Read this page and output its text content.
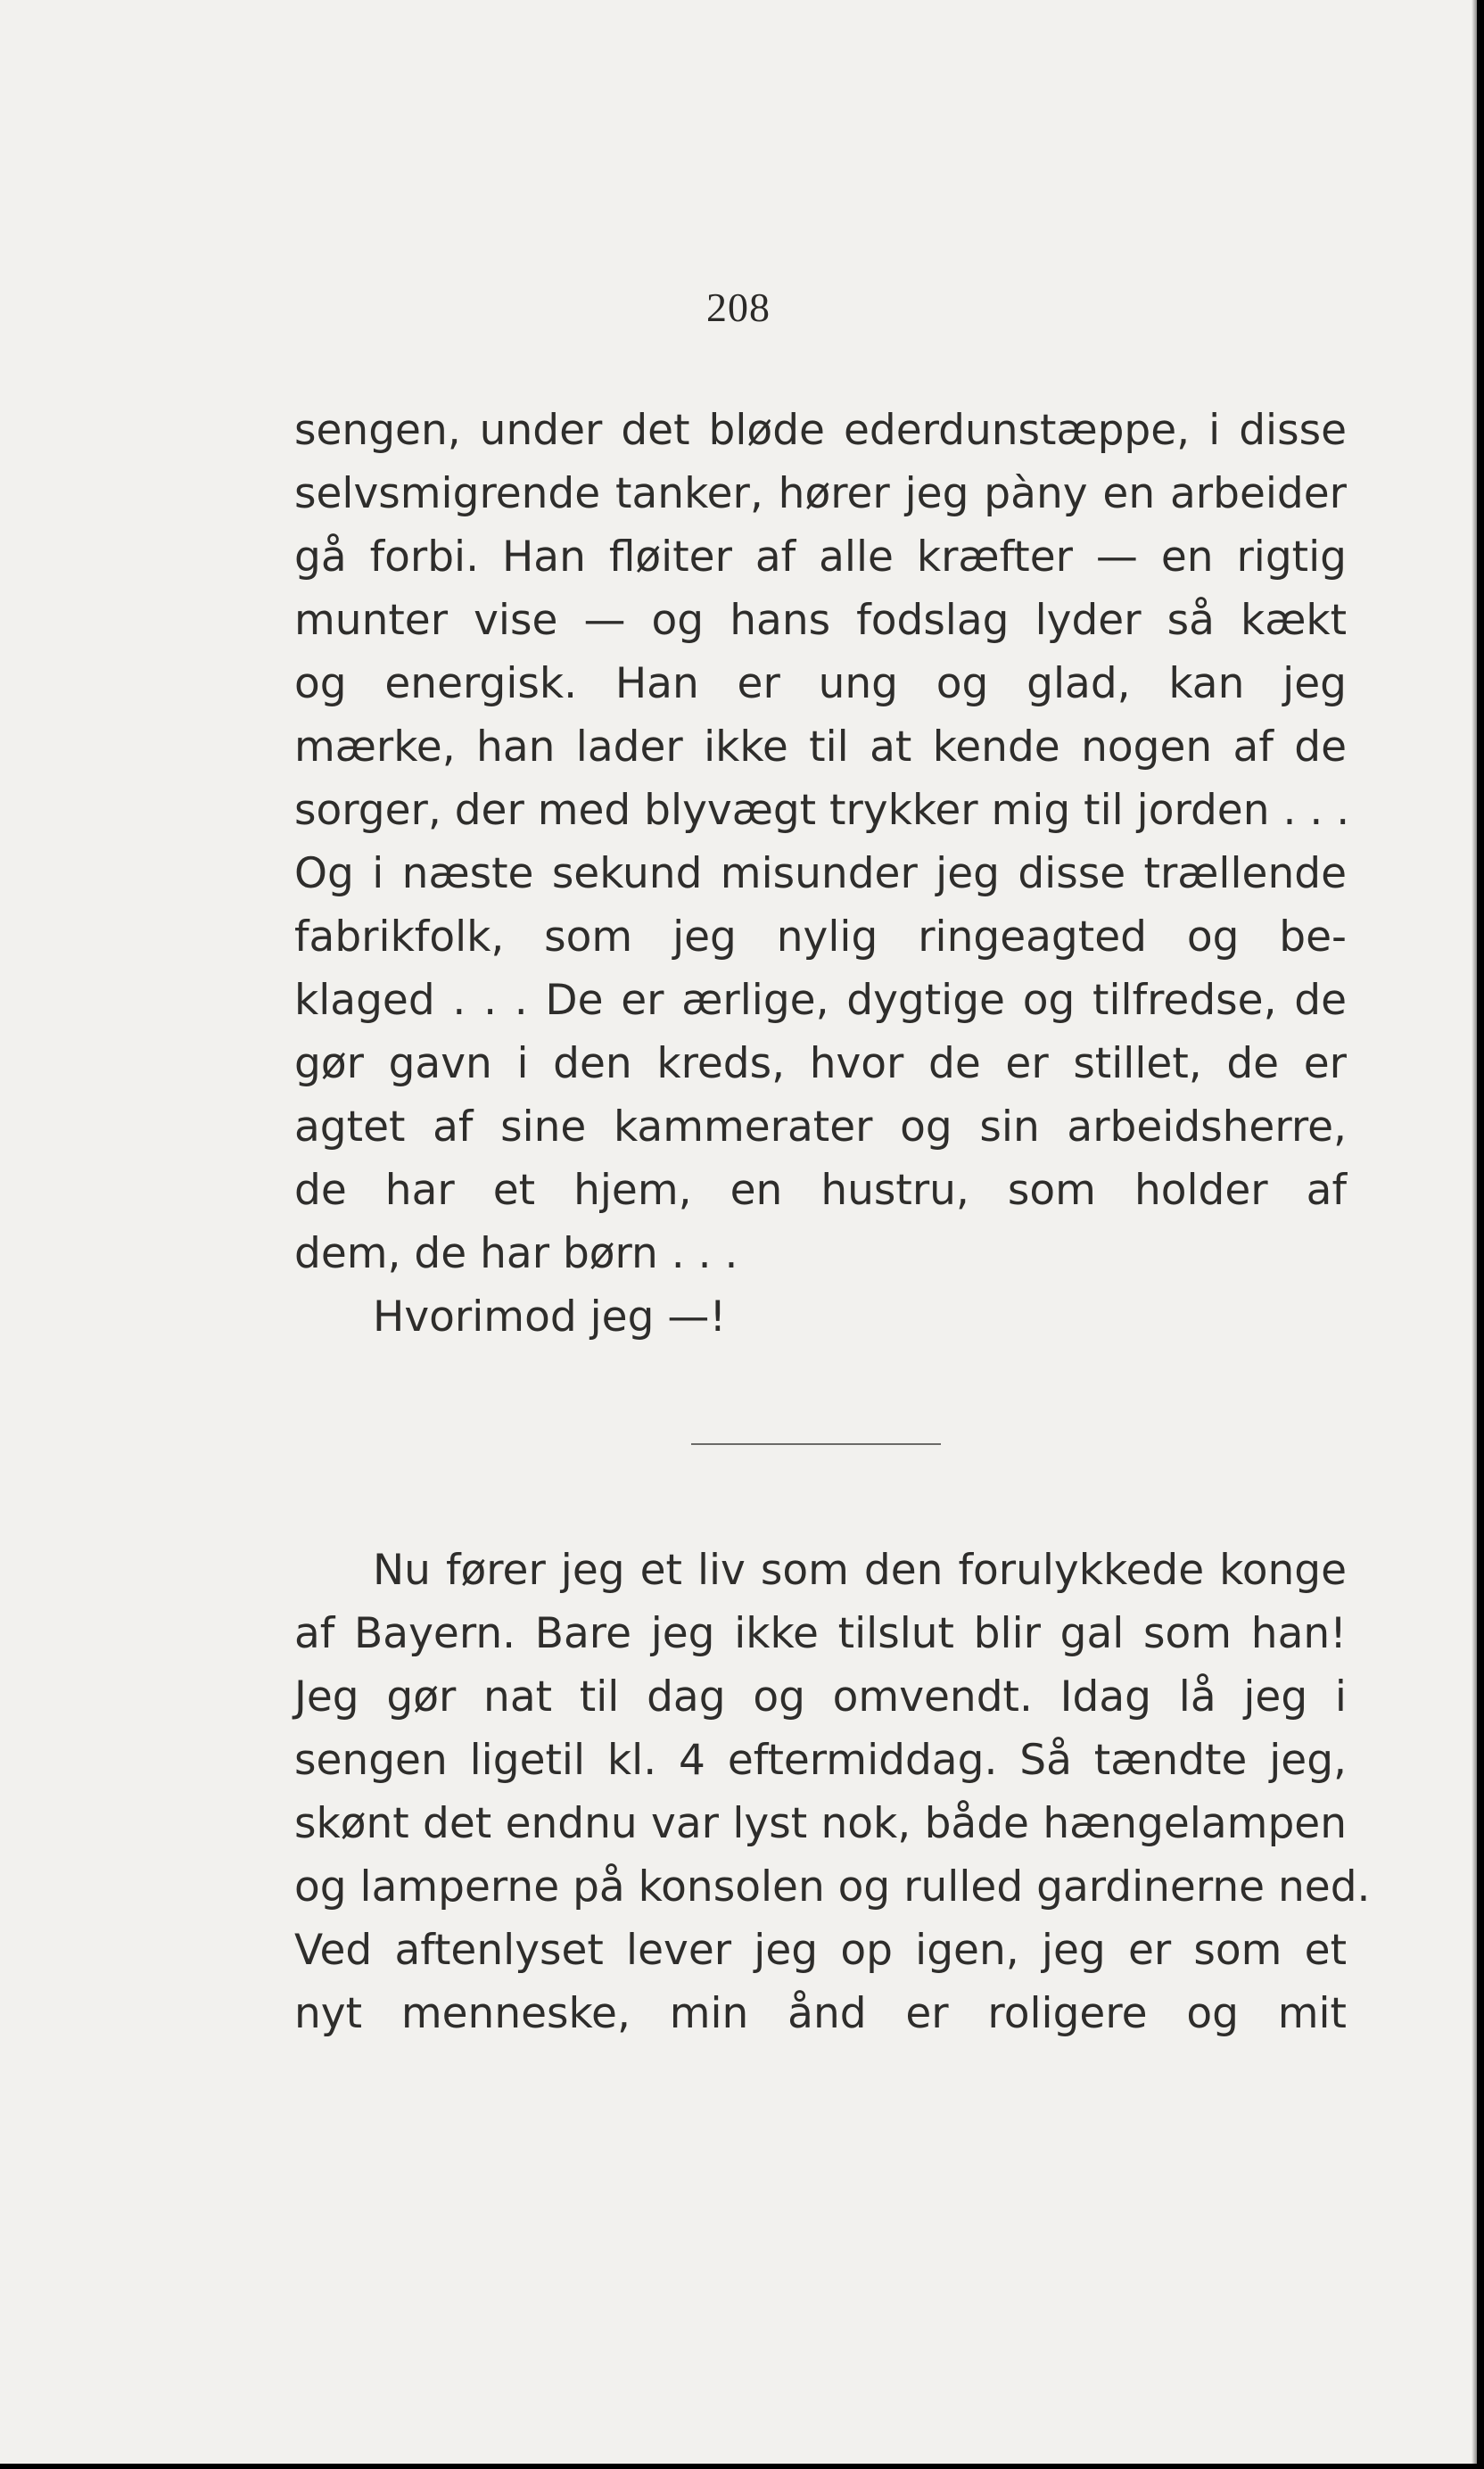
208
sengen, under det bløde ederdunstæppe, i disse
selvsmigrende tanker, hører jeg pàny en arbeider
gå forbi. Han fløiter af alle kræfter — en rigtig
munter vise — og hans fodslag lyder så kækt
og energisk. Han er ung og glad, kan jeg
mærke, han lader ikke til at kende nogen af de
sorger, der med blyvægt trykker mig til jorden . . .
Og i næste sekund misunder jeg disse trællende
fabrikfolk, som jeg nylig ringeagted og be-
klaged . . . De er ærlige, dygtige og tilfredse, de
gør gavn i den kreds, hvor de er stillet, de er
agtet af sine kammerater og sin arbeidsherre,
de har et hjem, en hustru, som holder af
dem, de har børn . . .
Hvorimod jeg —!
Nu fører jeg et liv som den forulykkede konge
af Bayern. Bare jeg ikke tilslut blir gal som han!
Jeg gør nat til dag og omvendt. Idag lå jeg i
sengen ligetil kl. 4 eftermiddag. Så tændte jeg,
skønt det endnu var lyst nok, både hængelampen
og lamperne på konsolen og rulled gardinerne ned.
Ved aftenlyset lever jeg op igen, jeg er som et
nyt menneske, min ånd er roligere og mit
